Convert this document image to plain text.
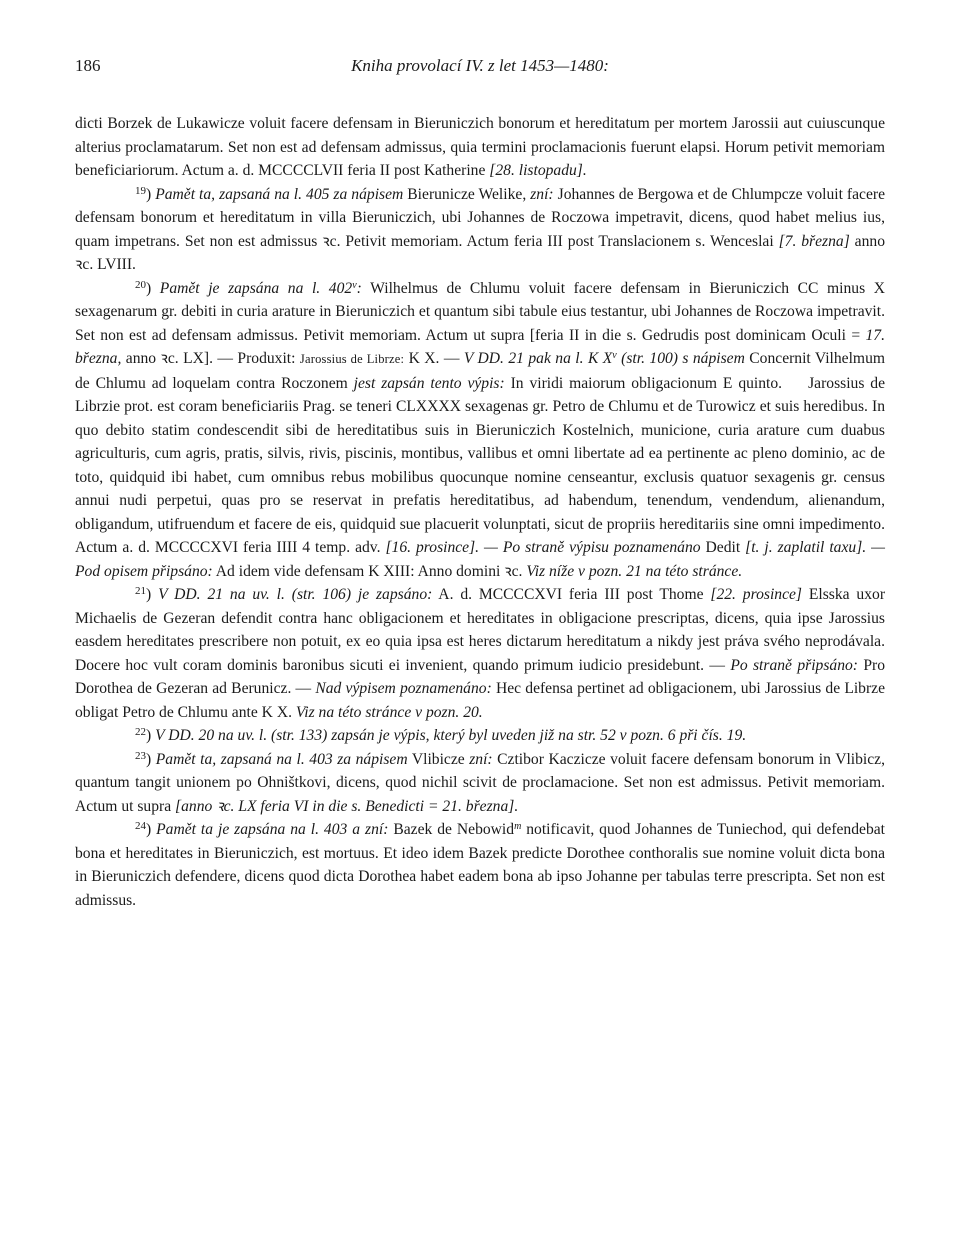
186	Kniha provolací IV. z let 1453—1480:

dicti Borzek de Lukawicze voluit facere defensam in Bieruniczich bonorum et hereditatum per mortem Jarossii aut cuiuscunque alterius proclamatarum. Set non est ad defensam admissus, quia termini proclamacionis fuerunt elapsi. Horum petivit memoriam beneficiariorum. Actum a. d. MCCCCLVII feria II post Katherine [28. listopadu].

$^{19}$) Pamět ta, zapsaná na l. 405 za nápisem Bierunicze Welike, zní: Johannes de Bergowa et de Chlumpcze voluit facere defensam bonorum et hereditatum in villa Bieruniczich, ubi Johannes de Roczowa impetravit, dicens, quod habet melius ius, quam impetrans. Set non est admissus ꝛc. Petivit memoriam. Actum feria III post Translacionem s. Wenceslai [7. března] anno ꝛc. LVIII.

$^{20}$) Pamět je zapsána na l. 402$^v$: Wilhelmus de Chlumu voluit facere defensam in Bieruniczich CC minus X sexagenarum gr. debiti in curia arature in Bieruniczich et quantum sibi tabule eius testantur, ubi Johannes de Roczowa impetravit. Set non est ad defensam admissus. Petivit memoriam. Actum ut supra [feria II in die s. Gedrudis post dominicam Oculi = 17. března, anno ꝛc. LX]. — Produxit: Jarossius de Librze: K X. — V DD. 21 pak na l. K $X^v$ (str. 100) s nápisem Concernit Vilhelmum de Chlumu ad loquelam contra Roczonem jest zapsán tento výpis: In viridi maiorum obligacionum E quinto. Jarossius de Librzie prot. est coram beneficiariis Prag. se teneri CLXXXX sexagenas gr. Petro de Chlumu et de Turowicz et suis heredibus. In quo debito statim condescendit sibi de hereditatibus suis in Bieruniczich Kostelnich, municione, curia arature cum duabus agriculturis, cum agris, pratis, silvis, rivis, piscinis, montibus, vallibus et omni libertate ad ea pertinente ac pleno dominio, ac de toto, quidquid ibi habet, cum omnibus rebus mobilibus quocunque nomine censeantur, exclusis quatuor sexagenis gr. census annui nudi perpetui, quas pro se reservat in prefatis hereditatibus, ad habendum, tenendum, vendendum, alienandum, obligandum, utifruendum et facere de eis, quidquid sue placuerit volunptati, sicut de propriis hereditariis sine omni impedimento. Actum a. d. MCCCCXVI feria IIII 4 temp. adv. [16. prosince]. — Po straně výpisu poznamenáno Dedit [t. j. zaplatil taxu]. — Pod opisem připsáno: Ad idem vide defensam K XIII: Anno domini ꝛc. Viz níže v pozn. 21 na této stránce.

$^{21}$) V DD. 21 na uv. l. (str. 106) je zapsáno: A. d. MCCCCXVI feria III post Thome [22. prosince] Elsska uxor Michaelis de Gezeran defendit contra hanc obligacionem et hereditates in obligacione prescriptas, dicens, quia ipse Jarossius easdem hereditates prescribere non potuit, ex eo quia ipsa est heres dictarum hereditatum a nikdy jest práva svého neprodávala. Docere hoc vult coram dominis baronibus sicuti ei invenient, quando primum iudicio presidebunt. — Po straně připsáno: Pro Dorothea de Gezeran ad Berunicz. — Nad výpisem poznamenáno: Hec defensa pertinet ad obligacionem, ubi Jarossius de Librze obligat Petro de Chlumu ante K X. Viz na této stránce v pozn. 20.

$^{22}$) V DD. 20 na uv. l. (str. 133) zapsán je výpis, který byl uveden již na str. 52 v pozn. 6 při čís. 19.

$^{23}$) Pamět ta, zapsaná na l. 403 za nápisem Vlibicze zní: Cztibor Kaczicze voluit facere defensam bonorum in Vlibicz, quantum tangit unionem po Ohništkovi, dicens, quod nichil scivit de proclamacione. Set non est admissus. Petivit memoriam. Actum ut supra [anno ꝛc. LX feria VI in die s. Benedicti = 21. března].

$^{24}$) Pamět ta je zapsána na l. 403 a zní: Bazek de Nebowid$^m$ notificavit, quod Johannes de Tuniechod, qui defendebat bona et hereditates in Bieruniczich, est mortuus. Et ideo idem Bazek predicte Dorothee conthoralis sue nomine voluit dicta bona in Bieruniczich defendere, dicens quod dicta Dorothea habet eadem bona ab ipso Johanne per tabulas terre prescripta. Set non est admissus.
